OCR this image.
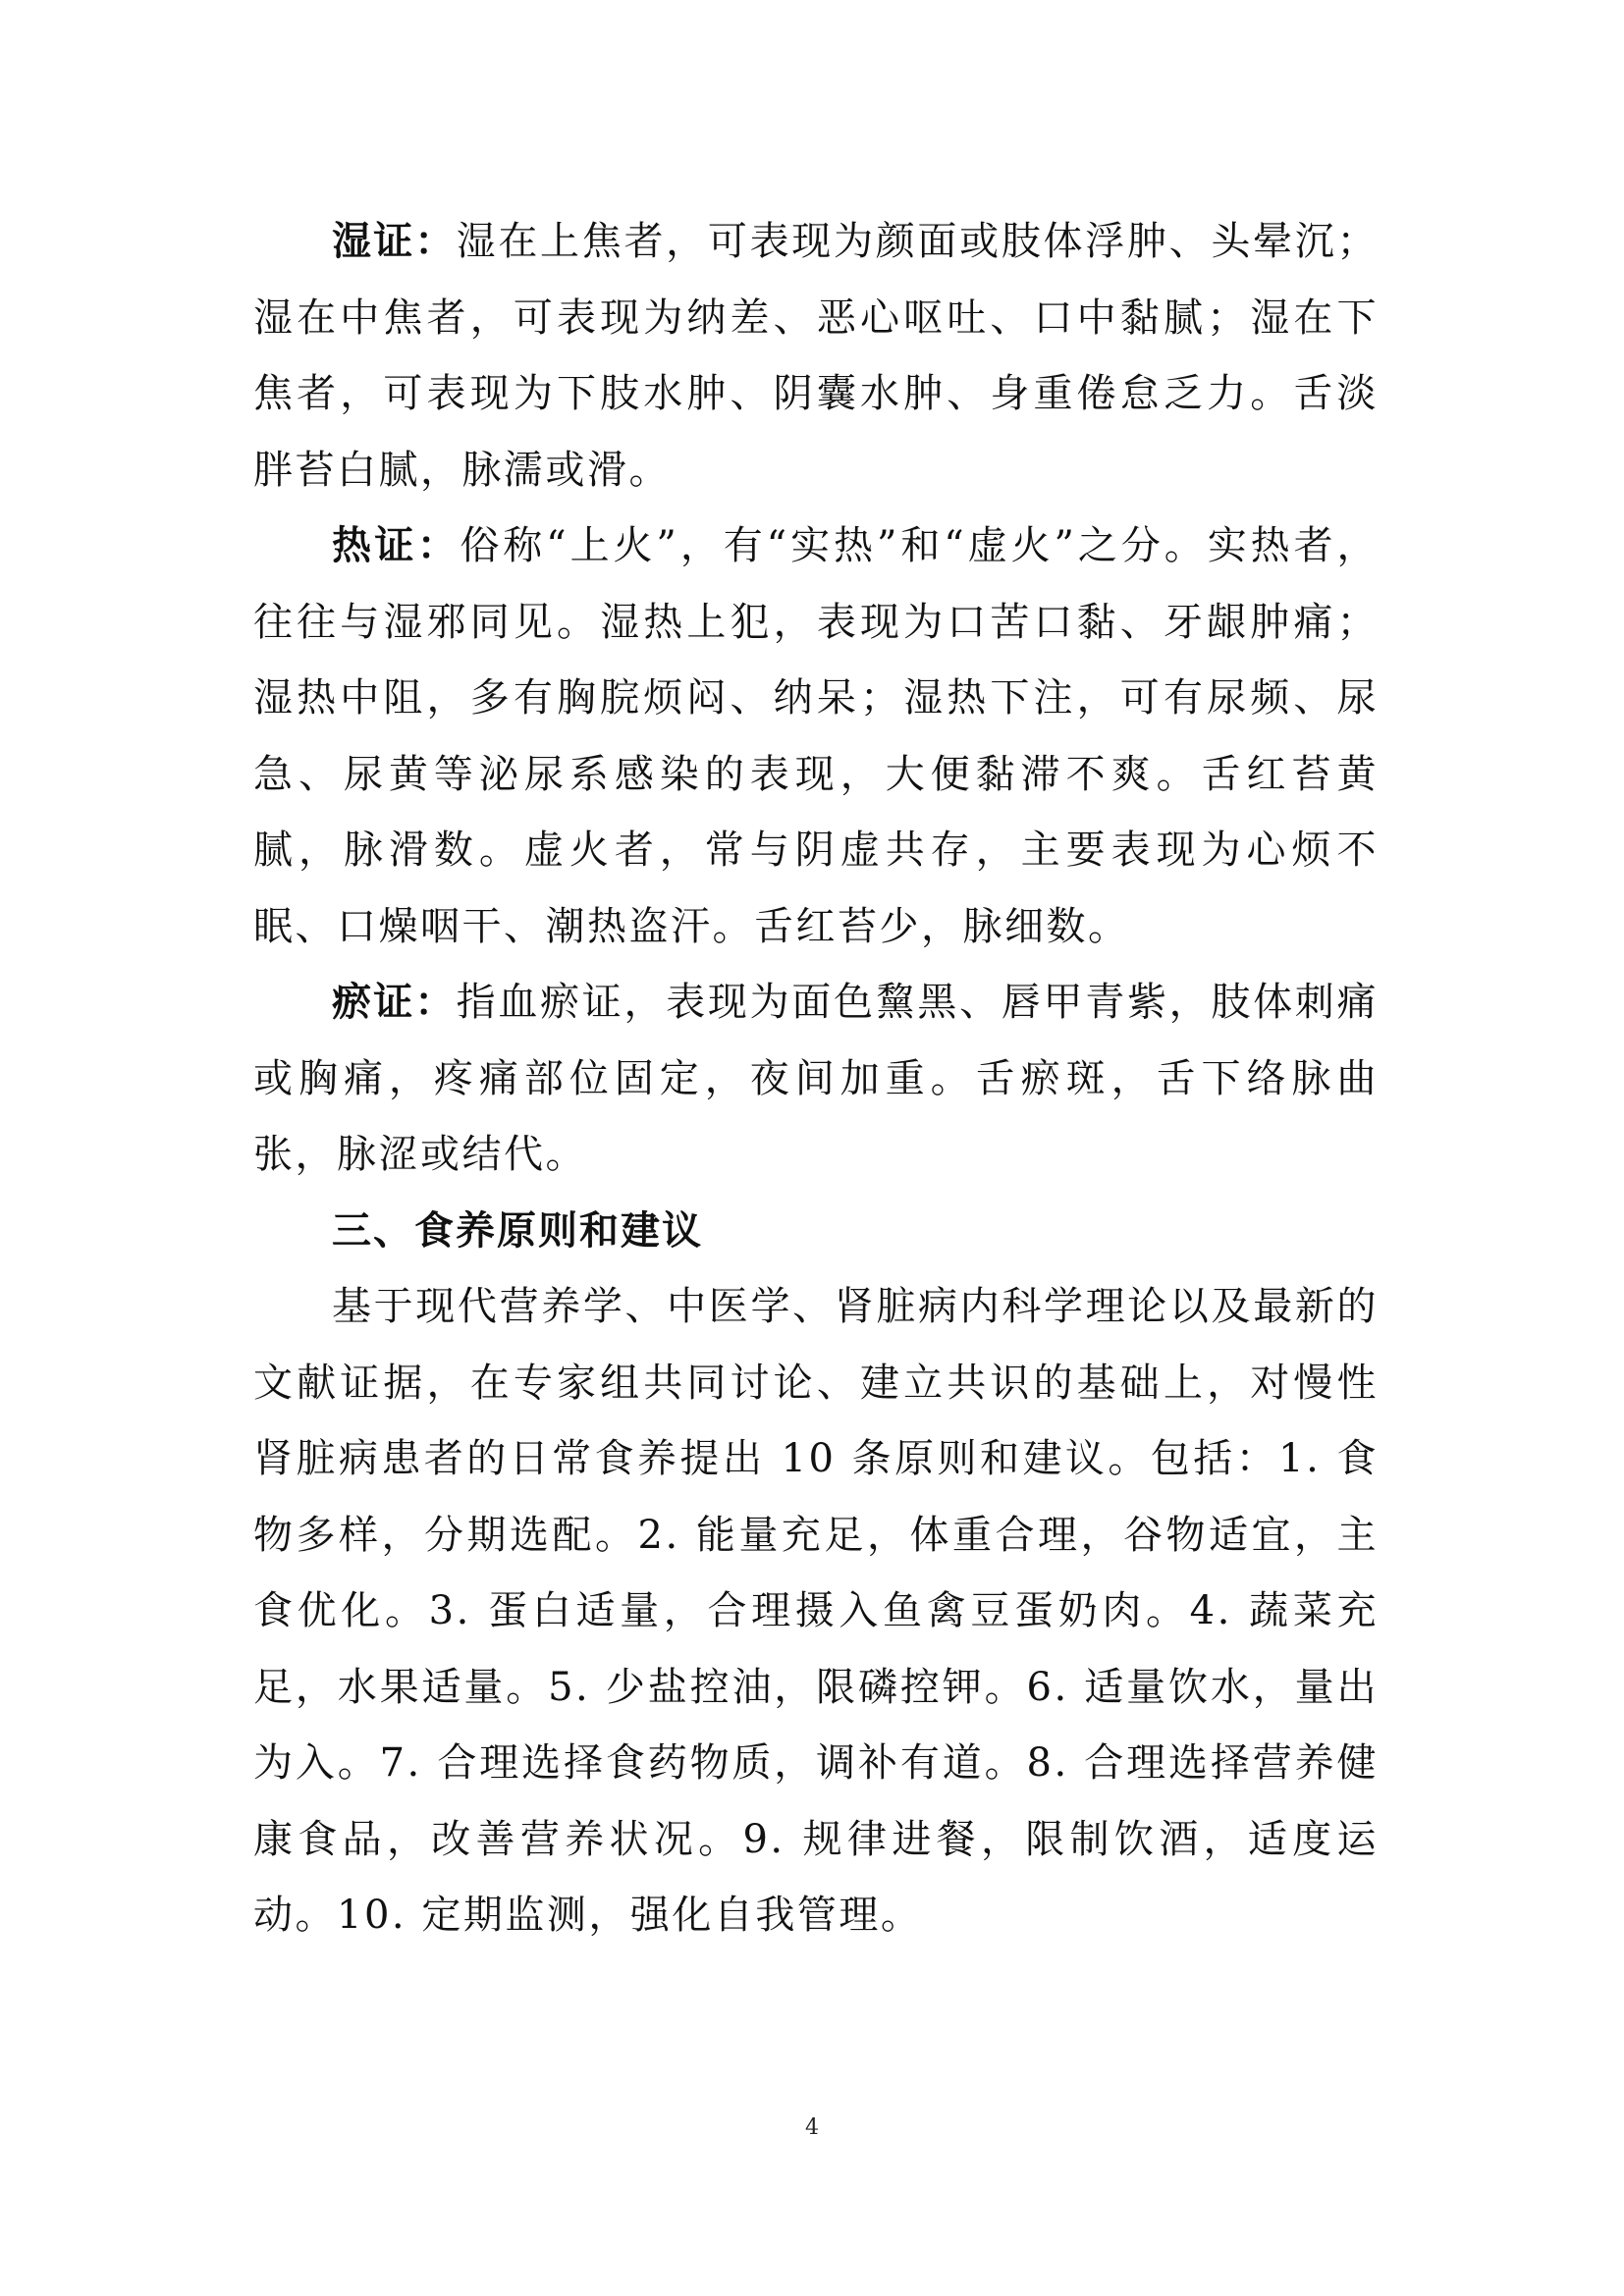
湿证：湿在上焦者，可表现为颜面或肢体浮肿、头晕沉；湿在中焦者，可表现为纳差、恶心呕吐、口中黏腻；湿在下焦者，可表现为下肢水肿、阴囊水肿、身重倦怠乏力。舌淡胖苔白腻，脉濡或滑。

热证：俗称“上火”，有“实热”和“虚火”之分。实热者，往往与湿邪同见。湿热上犯，表现为口苦口黏、牙龈肿痛；湿热中阻，多有胸脘烦闷、纳呆；湿热下注，可有尿频、尿急、尿黄等泌尿系感染的表现，大便黏滞不爽。舌红苔黄腻，脉滑数。虚火者，常与阴虚共存，主要表现为心烦不眠、口燥咽干、潮热盗汗。舌红苔少，脉细数。

瘀证：指血瘀证，表现为面色黧黑、唇甲青紫，肢体刺痛或胸痛，疼痛部位固定，夜间加重。舌瘀斑，舌下络脉曲张，脉涩或结代。

三、食养原则和建议

基于现代营养学、中医学、肾脏病内科学理论以及最新的文献证据，在专家组共同讨论、建立共识的基础上，对慢性肾脏病患者的日常食养提出 10 条原则和建议。包括：1. 食物多样，分期选配。2. 能量充足，体重合理，谷物适宜，主食优化。3. 蛋白适量，合理摄入鱼禽豆蛋奶肉。4. 蔬菜充足，水果适量。5. 少盐控油，限磷控钾。6. 适量饮水，量出为入。7. 合理选择食药物质，调补有道。8. 合理选择营养健康食品，改善营养状况。9. 规律进餐，限制饮酒，适度运动。10. 定期监测，强化自我管理。

4
